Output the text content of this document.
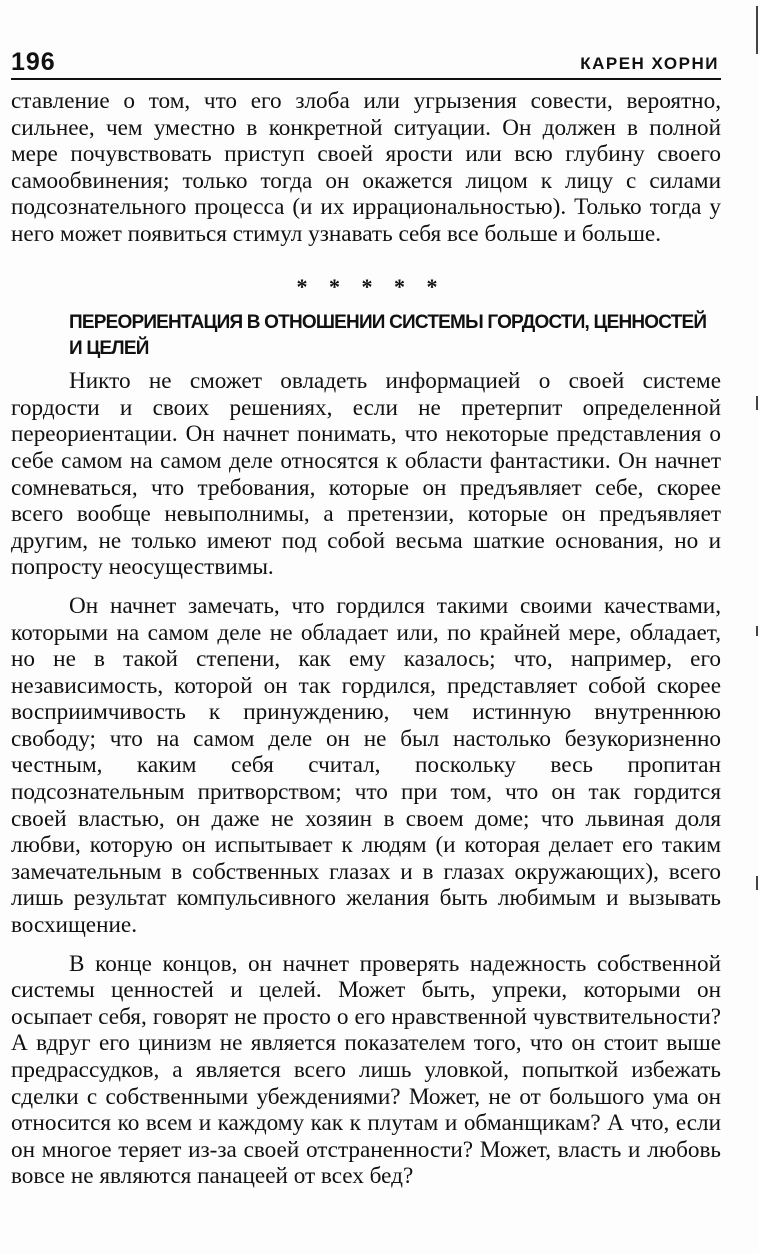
196	КАРЕН ХОРНИ

ставление о том, что его злоба или угрызения совести, вероятно, сильнее, чем уместно в конкретной ситуации. Он должен в полной мере почувствовать приступ своей ярости или всю глубину своего самообвинения; только тогда он окажется лицом к лицу с силами подсознательного процесса (и их иррациональностью). Только тогда у него может появиться стимул узнавать себя все больше и больше.

* * * * *
ПЕРЕОРИЕНТАЦИЯ В ОТНОШЕНИИ СИСТЕМЫ ГОРДОСТИ, ЦЕННОСТЕЙ И ЦЕЛЕЙ

Никто не сможет овладеть информацией о своей системе гордости и своих решениях, если не претерпит определенной переориентации. Он начнет понимать, что некоторые представления о себе самом на самом деле относятся к области фантастики. Он начнет сомневаться, что требования, которые он предъявляет себе, скорее всего вообще невыполнимы, а претензии, которые он предъявляет другим, не только имеют под собой весьма шаткие основания, но и попросту неосуществимы.

Он начнет замечать, что гордился такими своими качествами, которыми на самом деле не обладает или, по крайней мере, обладает, но не в такой степени, как ему казалось; что, например, его независимость, которой он так гордился, представляет собой скорее восприимчивость к принуждению, чем истинную внутреннюю свободу; что на самом деле он не был настолько безукоризненно честным, каким себя считал, поскольку весь пропитан подсознательным притворством; что при том, что он так гордится своей властью, он даже не хозяин в своем доме; что львиная доля любви, которую он испытывает к людям (и которая делает его таким замечательным в собственных глазах и в глазах окружающих), всего лишь результат компульсивного желания быть любимым и вызывать восхищение.

В конце концов, он начнет проверять надежность собственной системы ценностей и целей. Может быть, упреки, которыми он осыпает себя, говорят не просто о его нравственной чувствительности? А вдруг его цинизм не является показателем того, что он стоит выше предрассудков, а является всего лишь уловкой, попыткой избежать сделки с собственными убеждениями? Может, не от большого ума он относится ко всем и каждому как к плутам и обманщикам? А что, если он многое теряет из-за своей отстраненности? Может, власть и любовь вовсе не являются панацеей от всех бед?
